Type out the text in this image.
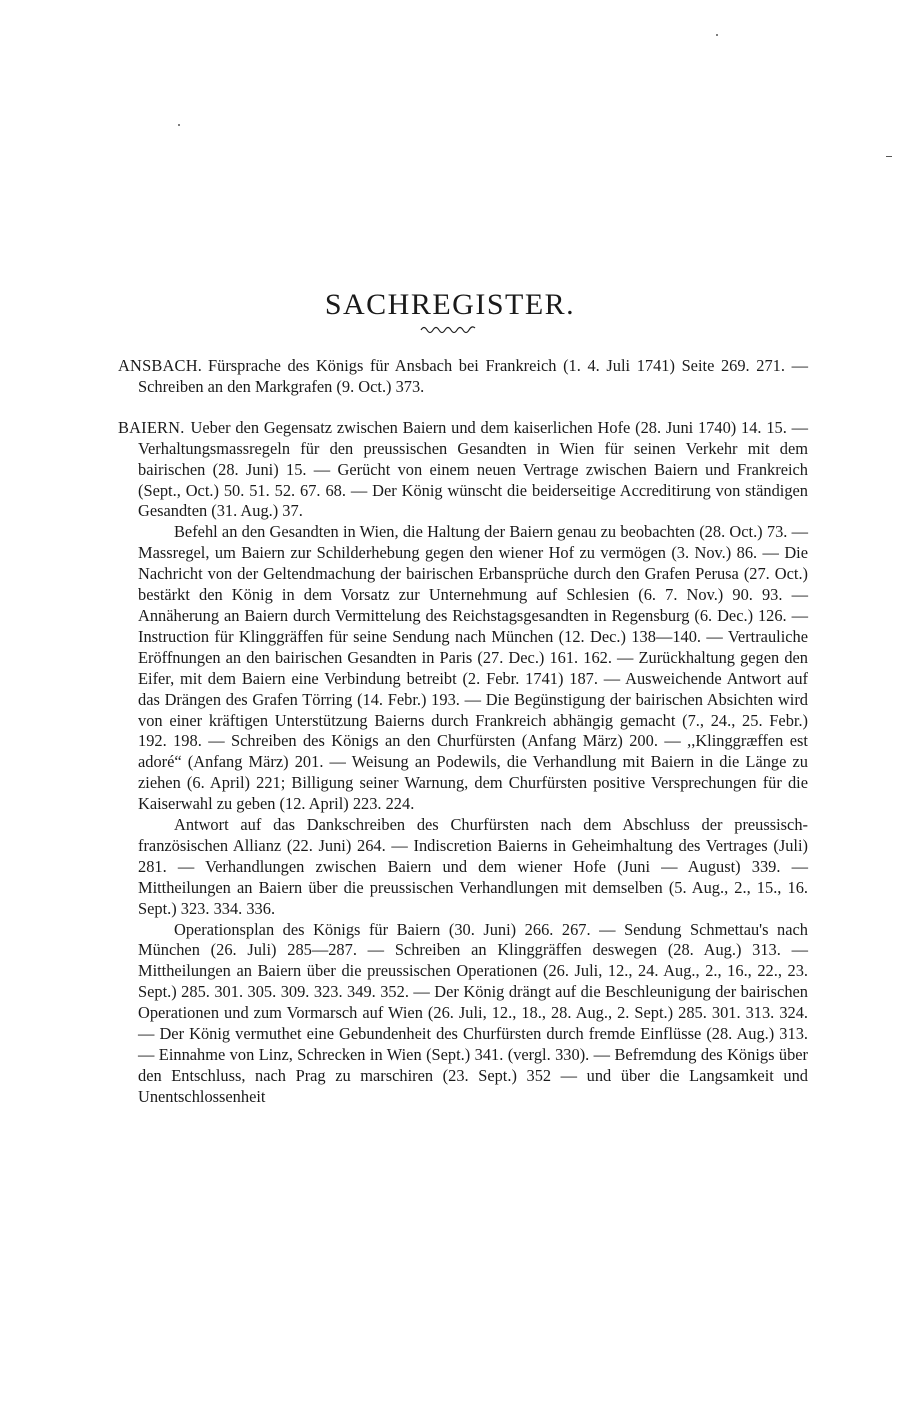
SACHREGISTER.

ANSBACH. Fürsprache des Königs für Ansbach bei Frankreich (1. 4. Juli 1741) Seite 269. 271. — Schreiben an den Markgrafen (9. Oct.) 373.

BAIERN. Ueber den Gegensatz zwischen Baiern und dem kaiserlichen Hofe (28. Juni 1740) 14. 15. — Verhaltungsmassregeln für den preussischen Gesandten in Wien für seinen Verkehr mit dem bairischen (28. Juni) 15. — Gerücht von einem neuen Vertrage zwischen Baiern und Frankreich (Sept., Oct.) 50. 51. 52. 67. 68. — Der König wünscht die beiderseitige Accreditirung von ständigen Gesandten (31. Aug.) 37.

Befehl an den Gesandten in Wien, die Haltung der Baiern genau zu beobachten (28. Oct.) 73. — Massregel, um Baiern zur Schilderhebung gegen den wiener Hof zu vermögen (3. Nov.) 86. — Die Nachricht von der Geltendmachung der bairischen Erbansprüche durch den Grafen Perusa (27. Oct.) bestärkt den König in dem Vorsatz zur Unternehmung auf Schlesien (6. 7. Nov.) 90. 93. — Annäherung an Baiern durch Vermittelung des Reichstagsgesandten in Regensburg (6. Dec.) 126. — Instruction für Klinggräffen für seine Sendung nach München (12. Dec.) 138—140. — Vertrauliche Eröffnungen an den bairischen Gesandten in Paris (27. Dec.) 161. 162. — Zurückhaltung gegen den Eifer, mit dem Baiern eine Verbindung betreibt (2. Febr. 1741) 187. — Ausweichende Antwort auf das Drängen des Grafen Törring (14. Febr.) 193. — Die Begünstigung der bairischen Absichten wird von einer kräftigen Unterstützung Baierns durch Frankreich abhängig gemacht (7., 24., 25. Febr.) 192. 198. — Schreiben des Königs an den Churfürsten (Anfang März) 200. — ,,Klinggræffen est adoré“ (Anfang März) 201. — Weisung an Podewils, die Verhandlung mit Baiern in die Länge zu ziehen (6. April) 221; Billigung seiner Warnung, dem Churfürsten positive Versprechungen für die Kaiserwahl zu geben (12. April) 223. 224.

Antwort auf das Dankschreiben des Churfürsten nach dem Abschluss der preussisch-französischen Allianz (22. Juni) 264. — Indiscretion Baierns in Geheimhaltung des Vertrages (Juli) 281. — Verhandlungen zwischen Baiern und dem wiener Hofe (Juni — August) 339. — Mittheilungen an Baiern über die preussischen Verhandlungen mit demselben (5. Aug., 2., 15., 16. Sept.) 323. 334. 336.

Operationsplan des Königs für Baiern (30. Juni) 266. 267. — Sendung Schmettau's nach München (26. Juli) 285—287. — Schreiben an Klinggräffen deswegen (28. Aug.) 313. — Mittheilungen an Baiern über die preussischen Operationen (26. Juli, 12., 24. Aug., 2., 16., 22., 23. Sept.) 285. 301. 305. 309. 323. 349. 352. — Der König drängt auf die Beschleunigung der bairischen Operationen und zum Vormarsch auf Wien (26. Juli, 12., 18., 28. Aug., 2. Sept.) 285. 301. 313. 324. — Der König vermuthet eine Gebundenheit des Churfürsten durch fremde Einflüsse (28. Aug.) 313. — Einnahme von Linz, Schrecken in Wien (Sept.) 341. (vergl. 330). — Befremdung des Königs über den Entschluss, nach Prag zu marschiren (23. Sept.) 352 — und über die Langsamkeit und Unentschlossenheit
